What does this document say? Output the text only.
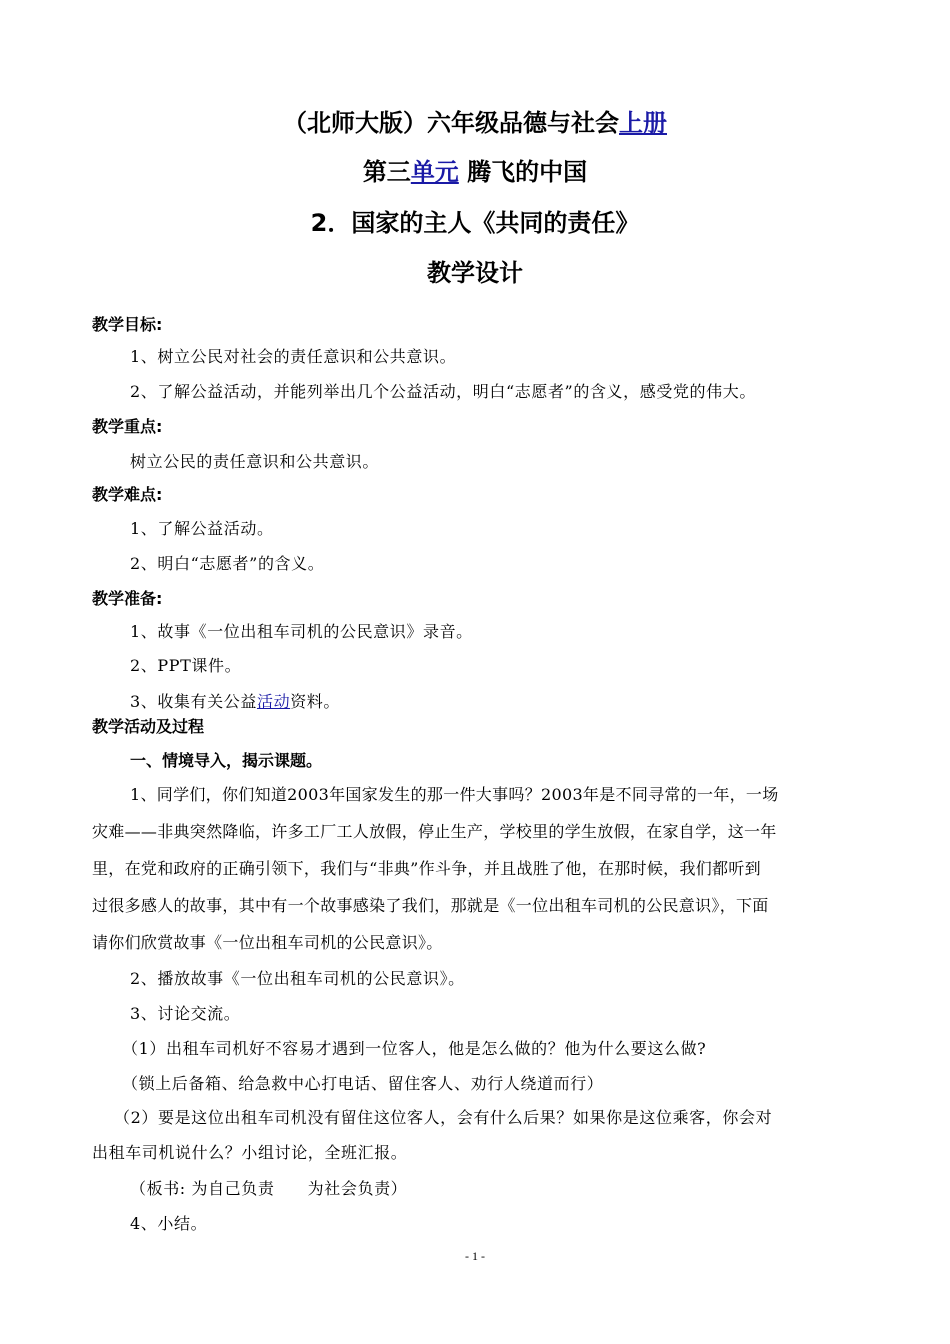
（北师大版）六年级品德与社会上册
第三单元 腾飞的中国
2．国家的主人《共同的责任》
教学设计
教学目标:
1、树立公民对社会的责任意识和公共意识。
2、了解公益活动，并能列举出几个公益活动，明白“志愿者”的含义，感受党的伟大。
教学重点:
树立公民的责任意识和公共意识。
教学难点:
1、了解公益活动。
2、明白“志愿者”的含义。
教学准备:
1、故事《一位出租车司机的公民意识》录音。
2、PPT课件。
3、收集有关公益活动资料。
教学活动及过程
一、情境导入，揭示课题。
1、同学们，你们知道2003年国家发生的那一件大事吗？2003年是不同寻常的一年，一场
灾难——非典突然降临，许多工厂工人放假，停止生产，学校里的学生放假，在家自学，这一年
里，在党和政府的正确引领下，我们与“非典”作斗争，并且战胜了他，在那时候，我们都听到
过很多感人的故事，其中有一个故事感染了我们，那就是《一位出租车司机的公民意识》，下面
请你们欣赏故事《一位出租车司机的公民意识》。
2、播放故事《一位出租车司机的公民意识》。
3、讨论交流。
（1）出租车司机好不容易才遇到一位客人，他是怎么做的？他为什么要这么做?
（锁上后备箱、给急救中心打电话、留住客人、劝行人绕道而行）
（2）要是这位出租车司机没有留住这位客人，会有什么后果？如果你是这位乘客，你会对
出租车司机说什么？小组讨论，全班汇报。
（板书: 为自己负责　　为社会负责）
4、小结。
- 1 -
